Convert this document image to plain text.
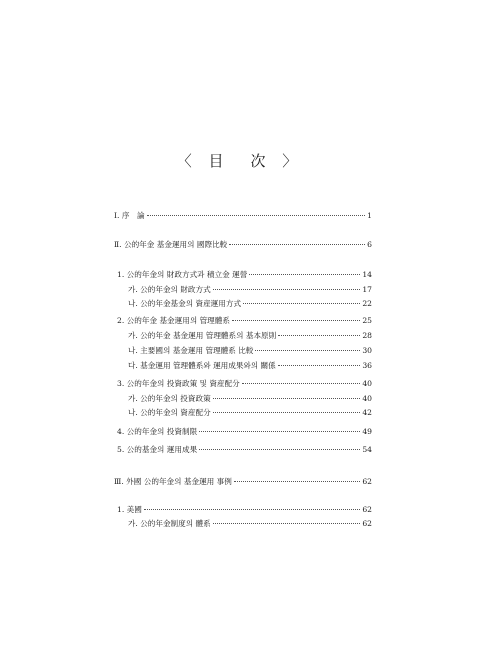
〈 目　次 〉
Ⅰ. 序　論	1
Ⅱ. 公的年金 基金運用의 國際比較	6
1. 公的年金의 財政方式과 積立金 運營	14
가. 公的年金의 財政方式	17
나. 公的年金基金의 資産運用方式	22
2. 公的年金 基金運用의 管理體系	25
가. 公的年金 基金運用 管理體系의 基本原則	28
나. 主要國의 基金運用 管理體系 比較	30
다. 基金運用 管理體系와 運用成果와의 關係	36
3. 公的年金의 投資政策 및 資産配分	40
가. 公的年金의 投資政策	40
나. 公的年金의 資産配分	42
4. 公的年金의 投資制限	49
5. 公的基金의 運用成果	54
Ⅲ. 外國 公的年金의 基金運用 事例	62
1. 美國	62
가. 公的年金制度의 體系	62
